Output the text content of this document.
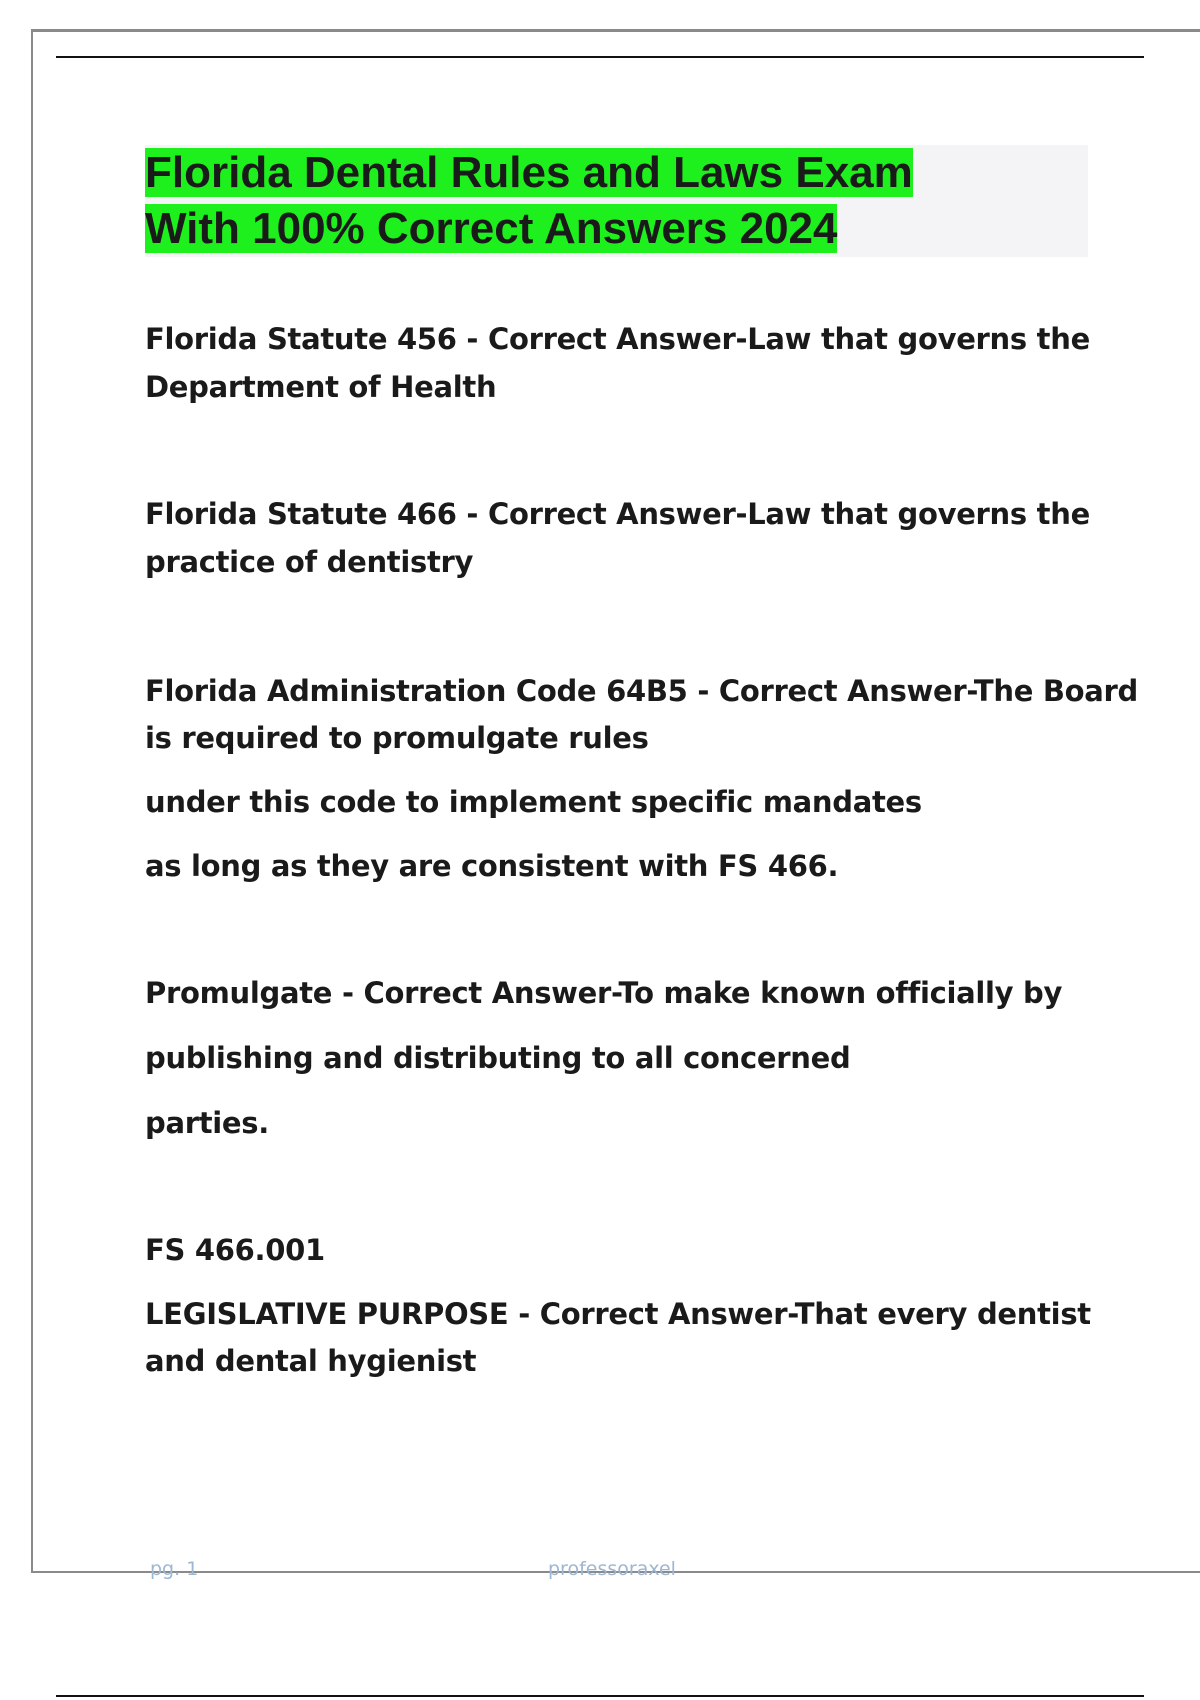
Florida Dental Rules and Laws Exam
With 100% Correct Answers 2024

Florida Statute 456 - Correct Answer-Law that governs the

Department of Health

Florida Statute 466 - Correct Answer-Law that governs the

practice of dentistry

Florida Administration Code 64B5 - Correct Answer-The Board

is required to promulgate rules

under this code to implement specific mandates

as long as they are consistent with FS 466.

Promulgate - Correct Answer-To make known officially by

publishing and distributing to all concerned

parties.

FS 466.001

LEGISLATIVE PURPOSE - Correct Answer-That every dentist

and dental hygienist

pg. 1	professoraxel
